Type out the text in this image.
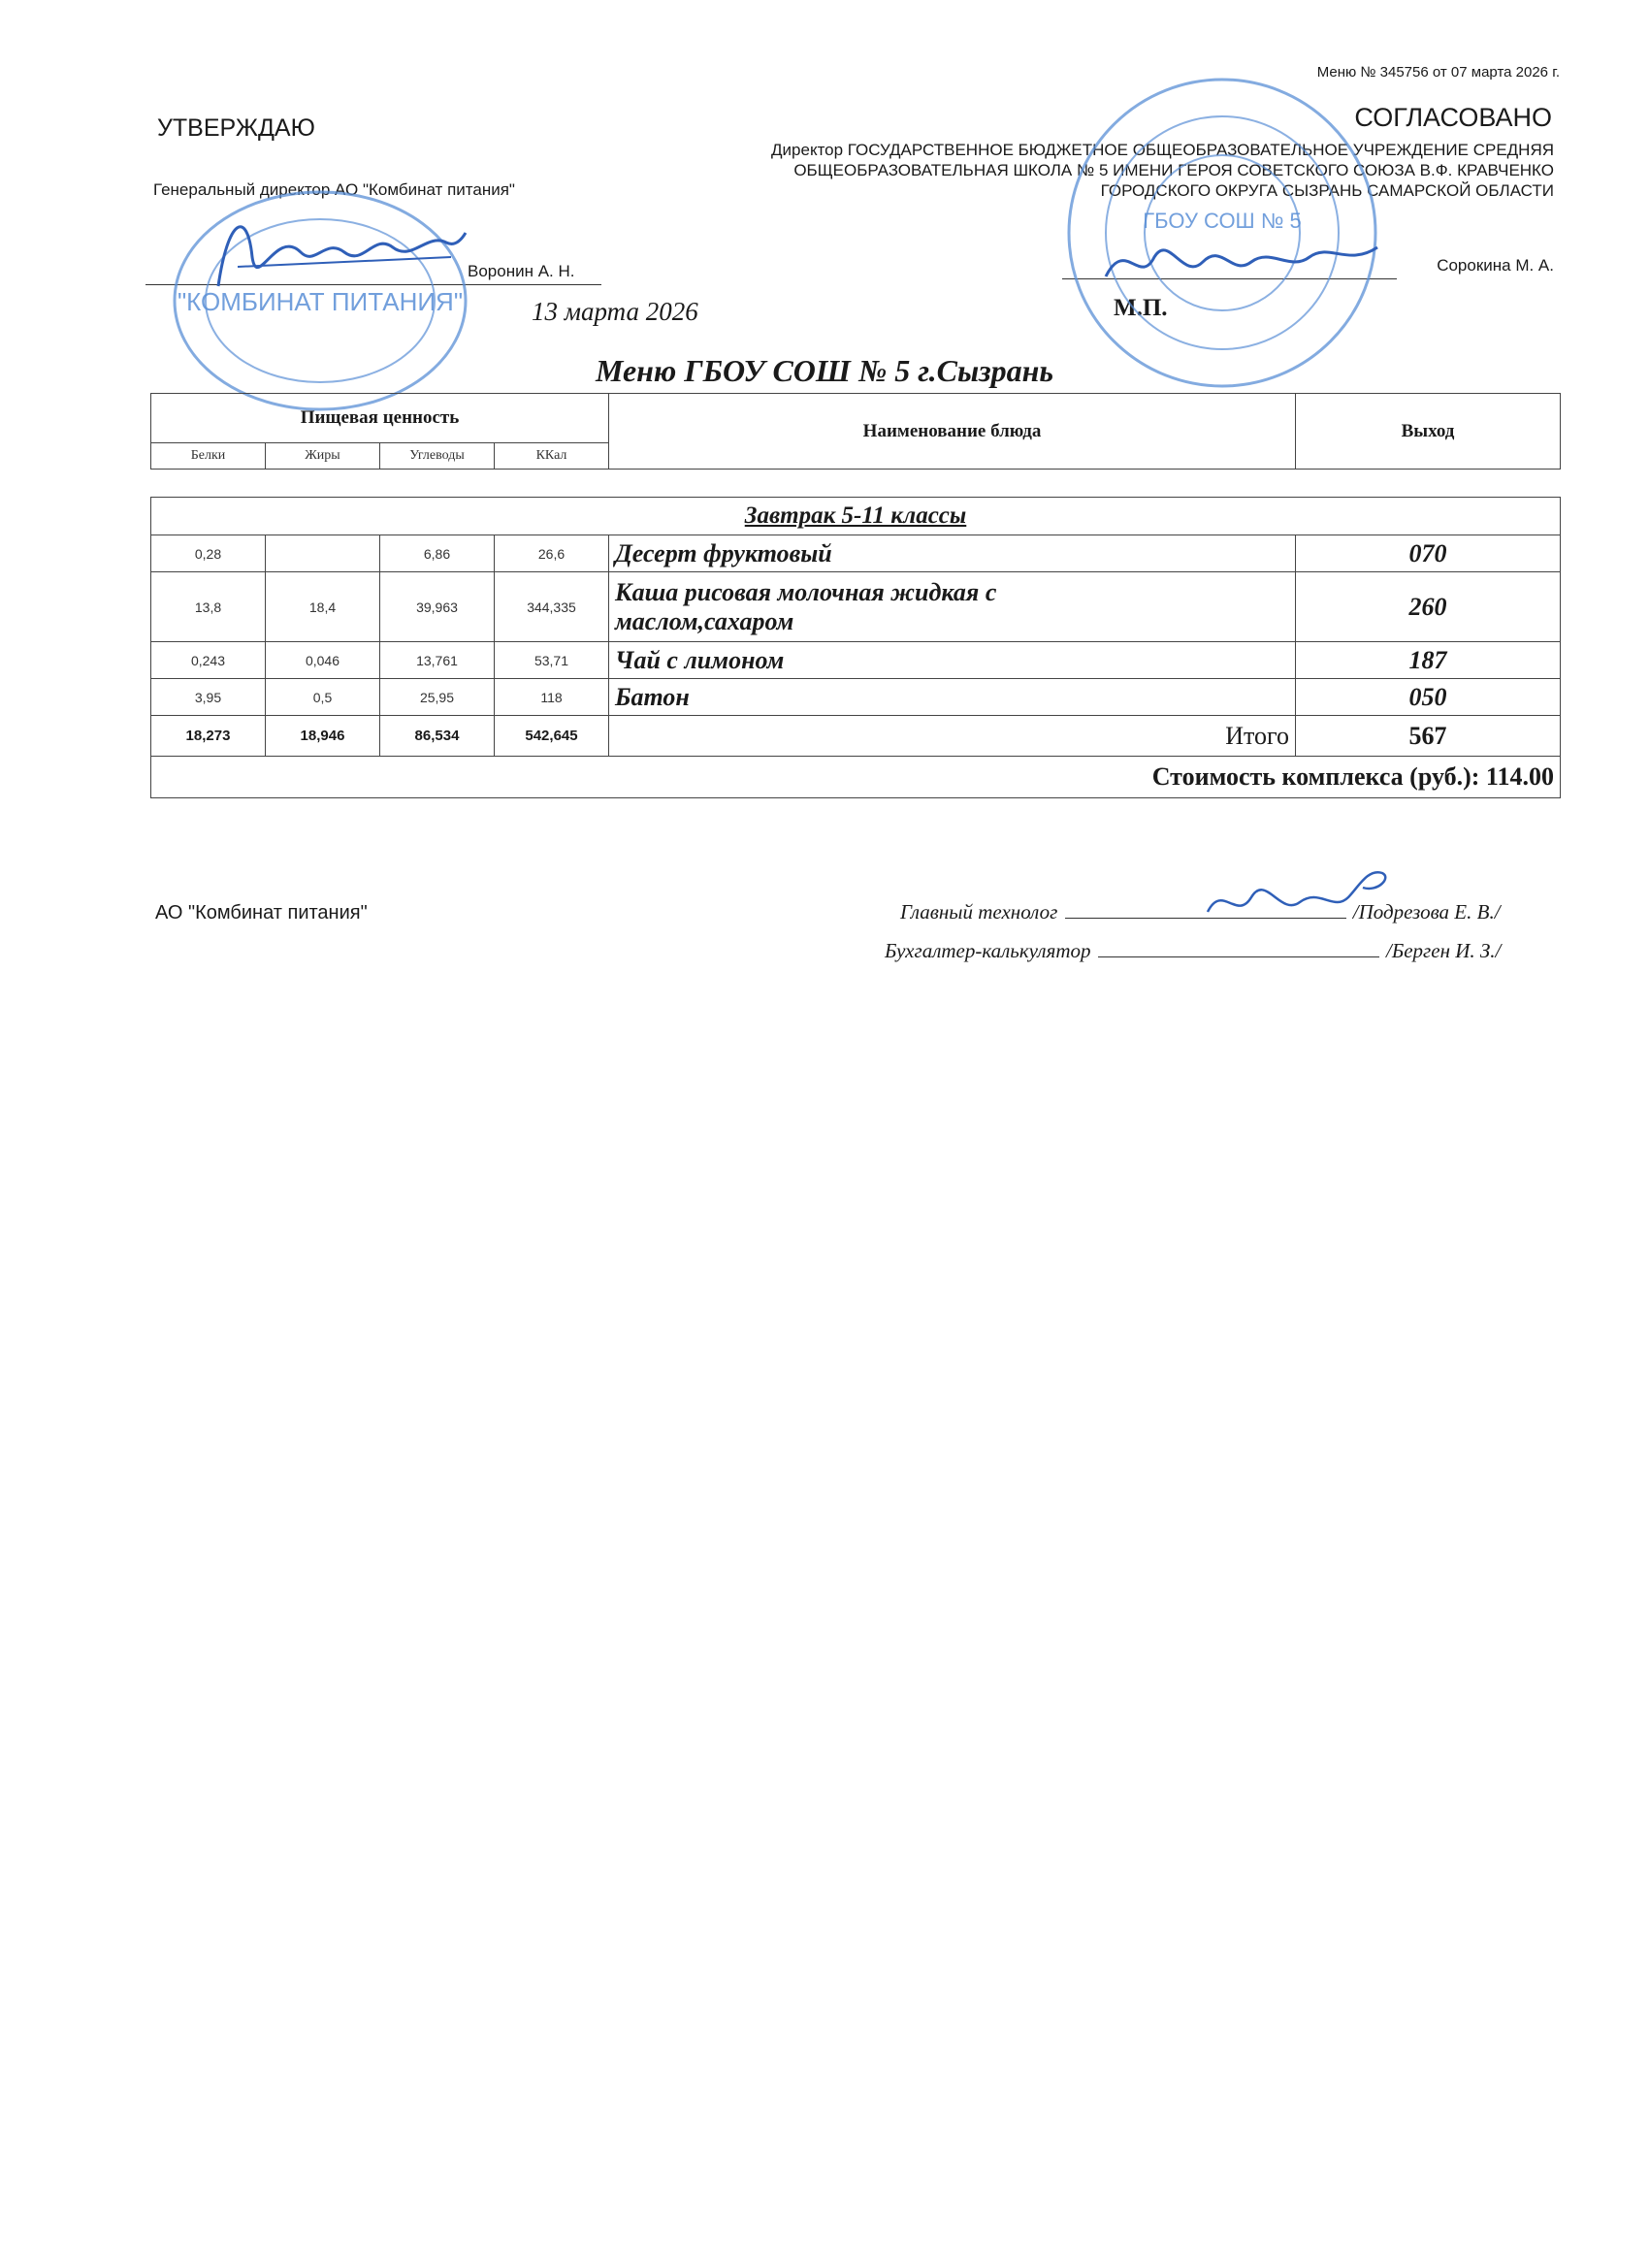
Меню № 345756 от 07 марта 2026 г.
УТВЕРЖДАЮ
Генеральный директор АО "Комбинат питания"
Воронин А. Н.
13 марта 2026
"КОМБИНАТ ПИТАНИЯ"
СОГЛАСОВАНО
Директор ГОСУДАРСТВЕННОЕ БЮДЖЕТНОЕ ОБЩЕОБРАЗОВАТЕЛЬНОЕ УЧРЕЖДЕНИЕ СРЕДНЯЯ ОБЩЕОБРАЗОВАТЕЛЬНАЯ ШКОЛА № 5 ИМЕНИ ГЕРОЯ СОВЕТСКОГО СОЮЗА В.Ф. КРАВЧЕНКО ГОРОДСКОГО ОКРУГА СЫЗРАНЬ САМАРСКОЙ ОБЛАСТИ
Сорокина М. А.
М.П.
ГБОУ СОШ № 5
Меню ГБОУ СОШ № 5 г.Сызрань
Пищевая ценность				Наименование блюда	Выход
Белки	Жиры	Углеводы	ККал		
Завтрак 5-11 классы					
0,28		6,86	26,6	Десерт фруктовый	070
13,8	18,4	39,963	344,335	Каша рисовая молочная жидкая с маслом,сахаром	260
0,243	0,046	13,761	53,71	Чай с лимоном	187
3,95	0,5	25,95	118	Батон	050
18,273	18,946	86,534	542,645	Итого	567
Стоимость комплекса (руб.): 114.00					
АО "Комбинат питания"	Главный технолог	/Подрезова Е. В./
Бухгалтер-калькулятор	/Берген И. З./
